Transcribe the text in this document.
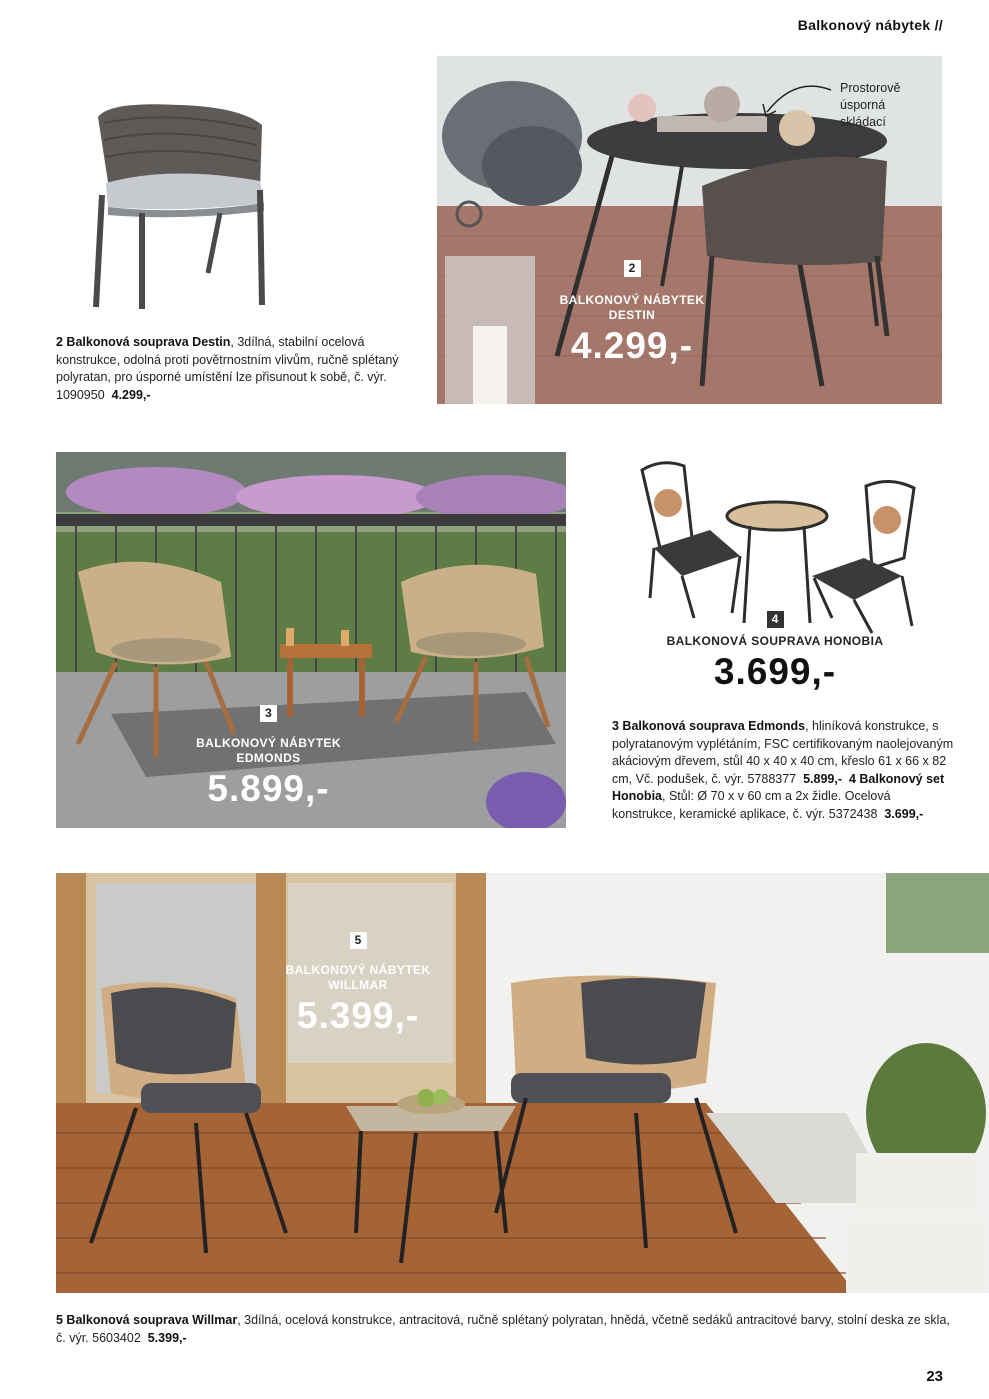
Balkonový nábytek //
2 Balkonová souprava Destin, 3dílná, stabilní ocelová konstrukce, odolná proti povětrnostním vlivům, ručně splétaný polyratan, pro úsporné umístění lze přisunout k sobě, č. výr. 1090950 4.299,-
Prostorově
úsporná
skládací
2
BALKONOVÝ NÁBYTEK
DESTIN
4.299,-
3
BALKONOVÝ NÁBYTEK
EDMONDS
5.899,-
4
BALKONOVÁ SOUPRAVA HONOBIA
3.699,-
3 Balkonová souprava Edmonds, hliníková konstrukce, s polyratanovým vyplétáním, FSC certifikovaným naolejovaným akáciovým dřevem, stůl 40 x 40 x 40 cm, křeslo 61 x 66 x 82 cm, Vč. podušek, č. výr. 5788377 5.899,- 4 Balkonový set Honobia, Stůl: Ø 70 x v 60 cm a 2x židle. Ocelová konstrukce, keramické aplikace, č. výr. 5372438 3.699,-
5
BALKONOVÝ NÁBYTEK
WILLMAR
5.399,-
5 Balkonová souprava Willmar, 3dílná, ocelová konstrukce, antracitová, ručně splétaný polyratan, hnědá, včetně sedáků antracitové barvy, stolní deska ze skla, č. výr. 5603402 5.399,-
23
